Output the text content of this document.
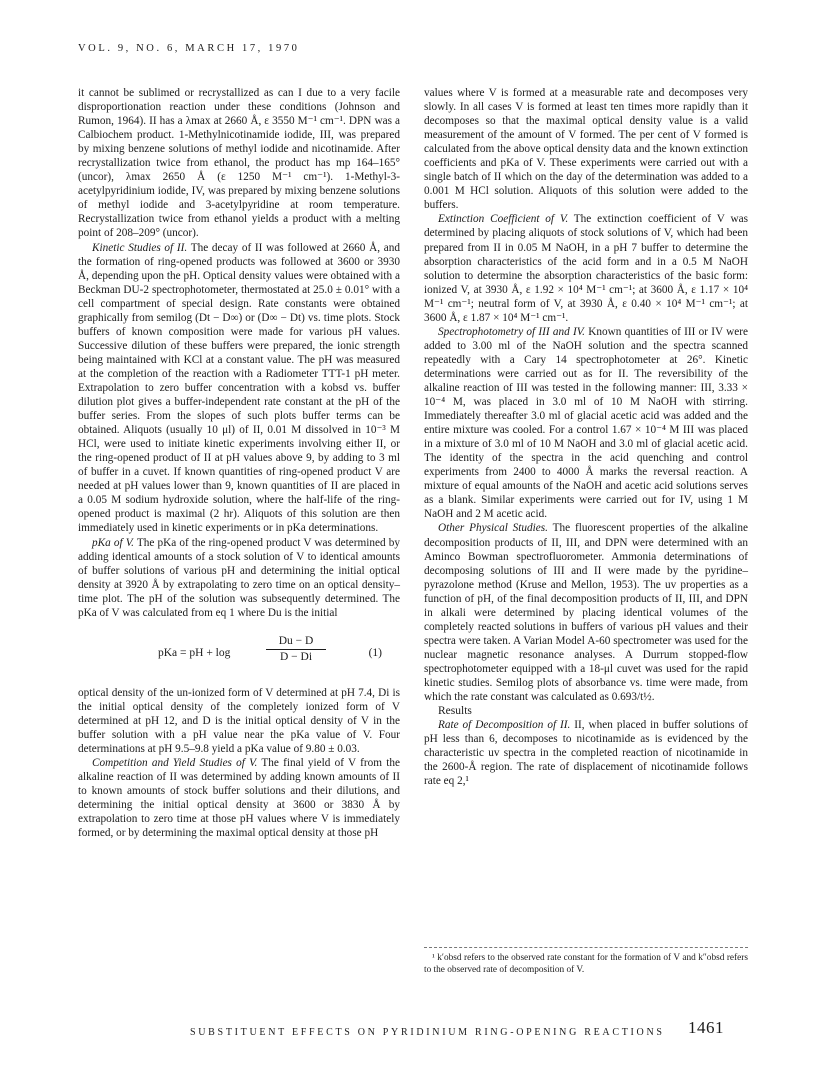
VOL. 9, NO. 6, MARCH 17, 1970

it cannot be sublimed or recrystallized as can I due to a very facile disproportionation reaction under these conditions (Johnson and Rumon, 1964). II has a λmax at 2660 Å, ε 3550 M⁻¹ cm⁻¹. DPN was a Calbiochem product. 1-Methylnicotinamide iodide, III, was prepared by mixing benzene solutions of methyl iodide and nicotinamide. After recrystallization twice from ethanol, the product has mp 164–165° (uncor), λmax 2650 Å (ε 1250 M⁻¹ cm⁻¹). 1-Methyl-3-acetylpyridinium iodide, IV, was prepared by mixing benzene solutions of methyl iodide and 3-acetylpyridine at room temperature. Recrystallization twice from ethanol yields a product with a melting point of 208–209° (uncor).

Kinetic Studies of II. The decay of II was followed at 2660 Å, and the formation of ring-opened products was followed at 3600 or 3930 Å, depending upon the pH. Optical density values were obtained with a Beckman DU-2 spectrophotometer, thermostated at 25.0 ± 0.01° with a cell compartment of special design. Rate constants were obtained graphically from semilog (Dt − D∞) or (D∞ − Dt) vs. time plots. Stock buffers of known composition were made for various pH values. Successive dilution of these buffers were prepared, the ionic strength being maintained with KCl at a constant value. The pH was measured at the completion of the reaction with a Radiometer TTT-1 pH meter. Extrapolation to zero buffer concentration with a kobsd vs. buffer dilution plot gives a buffer-independent rate constant at the pH of the buffer series. From the slopes of such plots buffer terms can be obtained. Aliquots (usually 10 μl) of II, 0.01 M dissolved in 10⁻³ M HCl, were used to initiate kinetic experiments involving either II, or the ring-opened product of II at pH values above 9, by adding to 3 ml of buffer in a cuvet. If known quantities of ring-opened product V are needed at pH values lower than 9, known quantities of II are placed in a 0.05 M sodium hydroxide solution, where the half-life of the ring-opened product is maximal (2 hr). Aliquots of this solution are then immediately used in kinetic experiments or in pKa determinations.

pKa of V. The pKa of the ring-opened product V was determined by adding identical amounts of a stock solution of V to identical amounts of buffer solutions of various pH and determining the initial optical density at 3920 Å by extrapolating to zero time on an optical density–time plot. The pH of the solution was subsequently determined. The pKa of V was calculated from eq 1 where Du is the initial

pKa = pH + log	$\frac{Du - D}{D - Di}$	(1)

optical density of the un-ionized form of V determined at pH 7.4, Di is the initial optical density of the completely ionized form of V determined at pH 12, and D is the initial optical density of V in the buffer solution with a pH value near the pKa value of V. Four determinations at pH 9.5–9.8 yield a pKa value of 9.80 ± 0.03.

Competition and Yield Studies of V. The final yield of V from the alkaline reaction of II was determined by adding known amounts of II to known amounts of stock buffer solutions and their dilutions, and determining the initial optical density at 3600 or 3830 Å by extrapolation to zero time at those pH values where V is immediately formed, or by determining the maximal optical density at those pH

values where V is formed at a measurable rate and decomposes very slowly. In all cases V is formed at least ten times more rapidly than it decomposes so that the maximal optical density value is a valid measurement of the amount of V formed. The per cent of V formed is calculated from the above optical density data and the known extinction coefficients and pKa of V. These experiments were carried out with a single batch of II which on the day of the determination was added to a 0.001 M HCl solution. Aliquots of this solution were added to the buffers.

Extinction Coefficient of V. The extinction coefficient of V was determined by placing aliquots of stock solutions of V, which had been prepared from II in 0.05 M NaOH, in a pH 7 buffer to determine the absorption characteristics of the acid form and in a 0.5 M NaOH solution to determine the absorption characteristics of the basic form: ionized V, at 3930 Å, ε 1.92 × 10⁴ M⁻¹ cm⁻¹; at 3600 Å, ε 1.17 × 10⁴ M⁻¹ cm⁻¹; neutral form of V, at 3930 Å, ε 0.40 × 10⁴ M⁻¹ cm⁻¹; at 3600 Å, ε 1.87 × 10⁴ M⁻¹ cm⁻¹.

Spectrophotometry of III and IV. Known quantities of III or IV were added to 3.00 ml of the NaOH solution and the spectra scanned repeatedly with a Cary 14 spectrophotometer at 26°. Kinetic determinations were carried out as for II. The reversibility of the alkaline reaction of III was tested in the following manner: III, 3.33 × 10⁻⁴ M, was placed in 3.0 ml of 10 M NaOH with stirring. Immediately thereafter 3.0 ml of glacial acetic acid was added and the entire mixture was cooled. For a control 1.67 × 10⁻⁴ M III was placed in a mixture of 3.0 ml of 10 M NaOH and 3.0 ml of glacial acetic acid. The identity of the spectra in the acid quenching and control experiments from 2400 to 4000 Å marks the reversal reaction. A mixture of equal amounts of the NaOH and acetic acid solutions serves as a blank. Similar experiments were carried out for IV, using 1 M NaOH and 2 M acetic acid.

Other Physical Studies. The fluorescent properties of the alkaline decomposition products of II, III, and DPN were determined with an Aminco Bowman spectrofluorometer. Ammonia determinations of decomposing solutions of III and II were made by the pyridine–pyrazolone method (Kruse and Mellon, 1953). The uv properties as a function of pH, of the final decomposition products of II, III, and DPN in alkali were determined by placing identical volumes of the completely reacted solutions in buffers of various pH values and their spectra were taken. A Varian Model A-60 spectrometer was used for the nuclear magnetic resonance analyses. A Durrum stopped-flow spectrophotometer equipped with a 18-μl cuvet was used for the rapid kinetic studies. Semilog plots of absorbance vs. time were made, from which the rate constant was calculated as 0.693/t½.

Results

Rate of Decomposition of II. II, when placed in buffer solutions of pH less than 6, decomposes to nicotinamide as is evidenced by the characteristic uv spectra in the completed reaction of nicotinamide in the 2600-Å region. The rate of displacement of nicotinamide follows rate eq 2,¹

¹ k′obsd refers to the observed rate constant for the formation of V and k″obsd refers to the observed rate of decomposition of V.

SUBSTITUENT EFFECTS ON PYRIDINIUM RING-OPENING REACTIONS 1461
